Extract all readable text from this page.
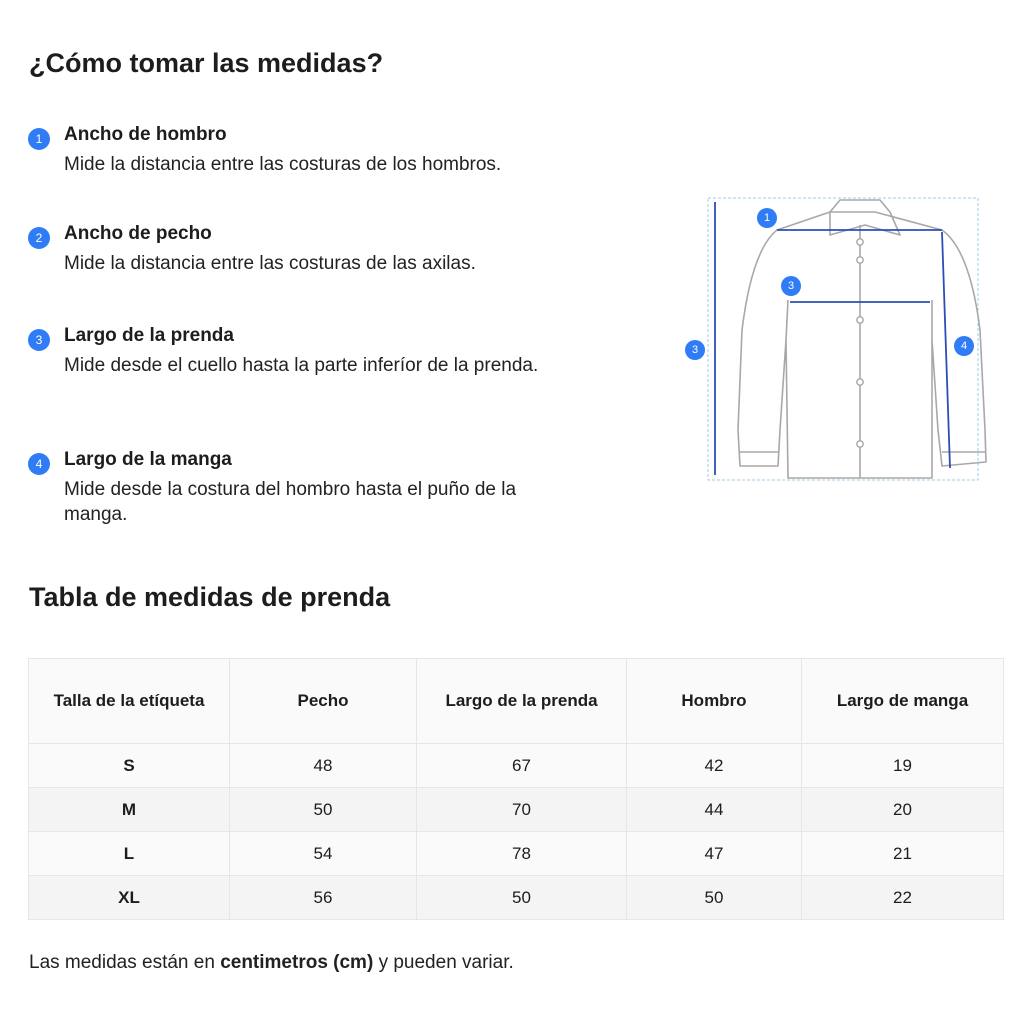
¿Cómo tomar las medidas?
1	Ancho de hombro
Mide la distancia entre las costuras de los hombros.
2	Ancho de pecho
Mide la distancia entre las costuras de las axilas.
3	Largo de la prenda
Mide desde el cuello hasta la parte inferíor de la prenda.
4	Largo de la manga
Mide desde la costura del hombro hasta el puño de la manga.
1
3
3	4
Tabla de medidas de prenda
Talla de la etíqueta	Pecho	Largo de la prenda	Hombro	Largo de manga
S	48	67	42	19
M	50	70	44	20
L	54	78	47	21
XL	56	50	50	22
Las medidas están en centimetros (cm) y pueden variar.
